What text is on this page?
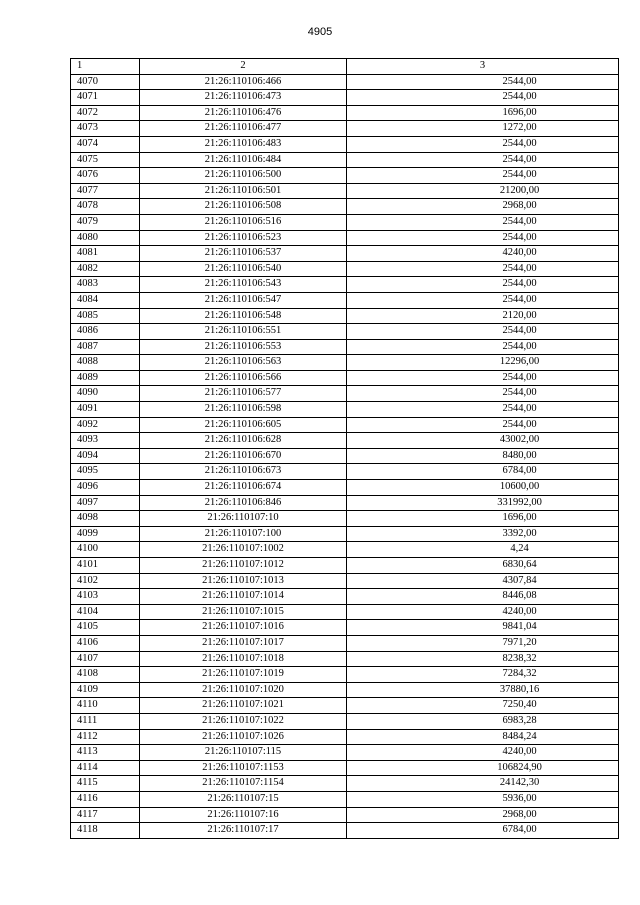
4905
1	2	3
4070	21:26:110106:466	2544,00
4071	21:26:110106:473	2544,00
4072	21:26:110106:476	1696,00
4073	21:26:110106:477	1272,00
4074	21:26:110106:483	2544,00
4075	21:26:110106:484	2544,00
4076	21:26:110106:500	2544,00
4077	21:26:110106:501	21200,00
4078	21:26:110106:508	2968,00
4079	21:26:110106:516	2544,00
4080	21:26:110106:523	2544,00
4081	21:26:110106:537	4240,00
4082	21:26:110106:540	2544,00
4083	21:26:110106:543	2544,00
4084	21:26:110106:547	2544,00
4085	21:26:110106:548	2120,00
4086	21:26:110106:551	2544,00
4087	21:26:110106:553	2544,00
4088	21:26:110106:563	12296,00
4089	21:26:110106:566	2544,00
4090	21:26:110106:577	2544,00
4091	21:26:110106:598	2544,00
4092	21:26:110106:605	2544,00
4093	21:26:110106:628	43002,00
4094	21:26:110106:670	8480,00
4095	21:26:110106:673	6784,00
4096	21:26:110106:674	10600,00
4097	21:26:110106:846	331992,00
4098	21:26:110107:10	1696,00
4099	21:26:110107:100	3392,00
4100	21:26:110107:1002	4,24
4101	21:26:110107:1012	6830,64
4102	21:26:110107:1013	4307,84
4103	21:26:110107:1014	8446,08
4104	21:26:110107:1015	4240,00
4105	21:26:110107:1016	9841,04
4106	21:26:110107:1017	7971,20
4107	21:26:110107:1018	8238,32
4108	21:26:110107:1019	7284,32
4109	21:26:110107:1020	37880,16
4110	21:26:110107:1021	7250,40
4111	21:26:110107:1022	6983,28
4112	21:26:110107:1026	8484,24
4113	21:26:110107:115	4240,00
4114	21:26:110107:1153	106824,90
4115	21:26:110107:1154	24142,30
4116	21:26:110107:15	5936,00
4117	21:26:110107:16	2968,00
4118	21:26:110107:17	6784,00
